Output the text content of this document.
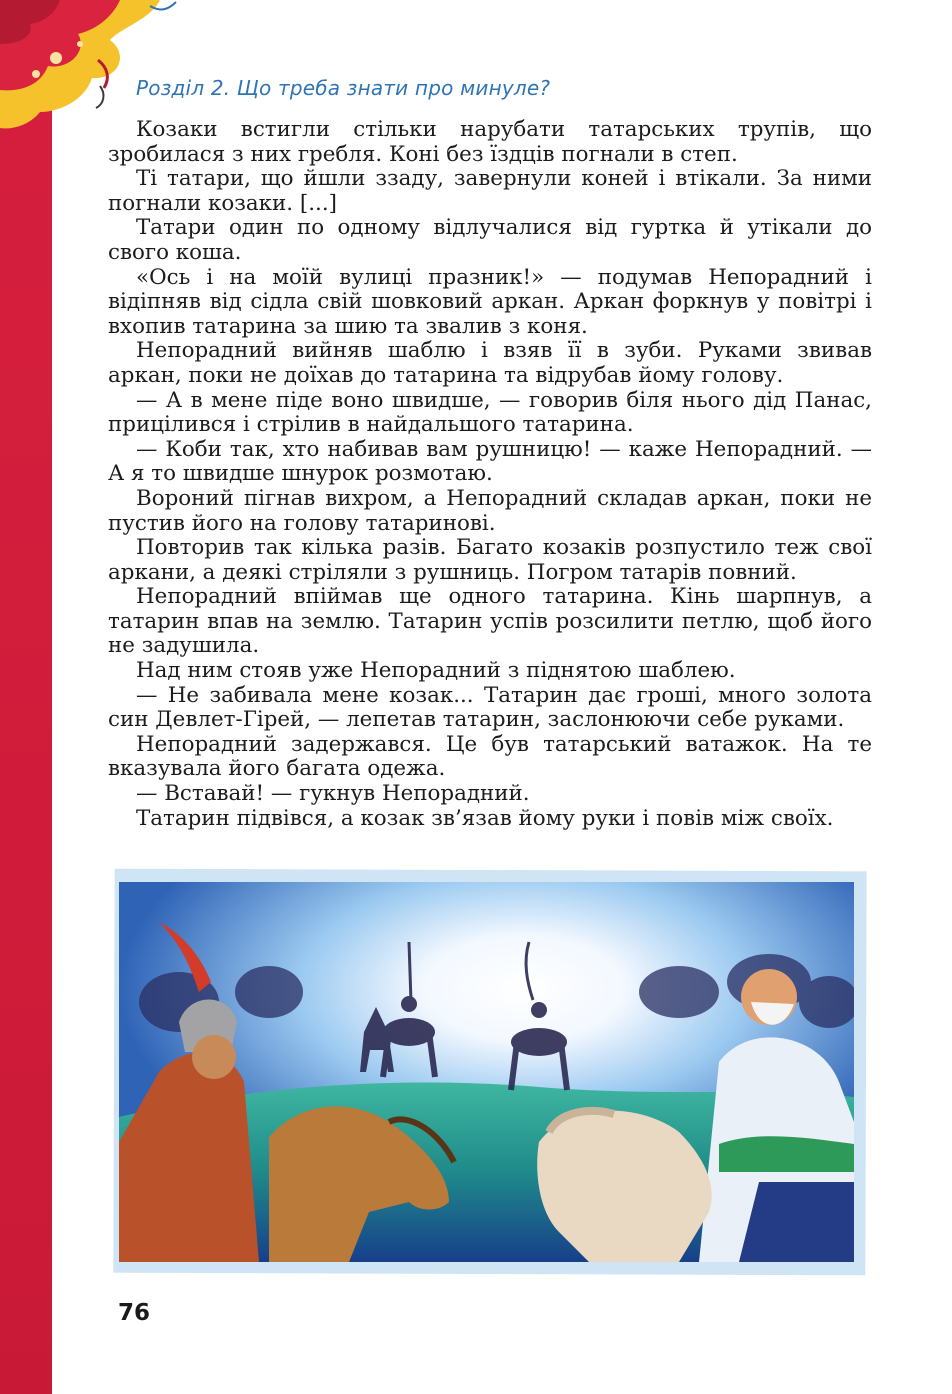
Розділ 2. Що треба знати про минуле?

Козаки встигли стільки нарубати татарських трупів, що зробилася з них гребля. Коні без їздців погнали в степ.

Ті татари, що йшли ззаду, завернули коней і втікали. За ними погнали козаки. [...]

Татари один по одному відлучалися від гуртка й утікали до свого коша.

«Ось і на моїй вулиці празник!» — подумав Непорадний і відіпняв від сідла свій шовковий аркан. Аркан форкнув у повітрі і вхопив татарина за шию та звалив з коня.

Непорадний вийняв шаблю і взяв її в зуби. Руками звивав аркан, поки не доїхав до татарина та відрубав йому голову.

— А в мене піде воно швидше, — говорив біля нього дід Панас, прицілився і стрілив в найдальшого татарина.

— Коби так, хто набивав вам рушницю! — каже Непорадний. — А я то швидше шнурок розмотаю.

Вороний пігнав вихром, а Непорадний складав аркан, поки не пустив його на голову татаринові.

Повторив так кілька разів. Багато козаків розпустило теж свої аркани, а деякі стріляли з рушниць. Погром татарів повний.

Непорадний впіймав ще одного татарина. Кінь шарпнув, а татарин впав на землю. Татарин успів розсилити петлю, щоб його не задушила.

Над ним стояв уже Непорадний з піднятою шаблею.

— Не забивала мене козак... Татарин дає гроші, много золота син Девлет-Гірей, — лепетав татарин, заслонюючи себе руками.

Непорадний задержався. Це був татарський ватажок. На те вказувала його багата одежа.

— Вставай! — гукнув Непорадний.

Татарин підвівся, а козак зв’язав йому руки і повів між своїх.

76
